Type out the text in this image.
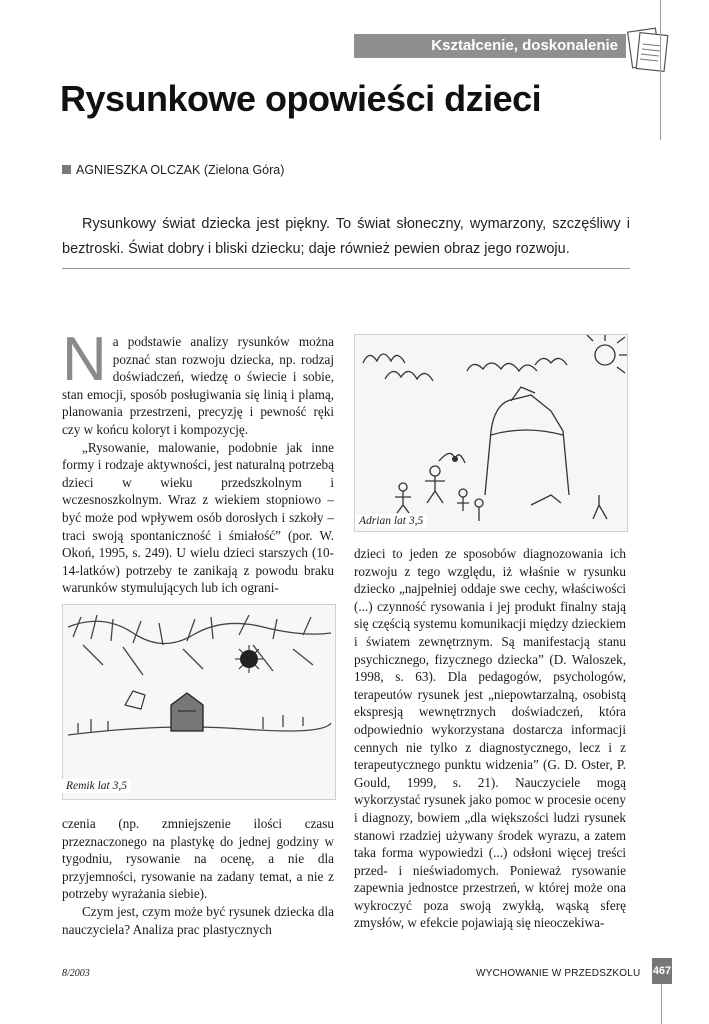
Kształcenie, doskonalenie
Rysunkowe opowieści dzieci
AGNIESZKA OLCZAK (Zielona Góra)
Rysunkowy świat dziecka jest piękny. To świat słoneczny, wymarzony, szczęśliwy i beztroski. Świat dobry i bliski dziecku; daje również pewien obraz jego rozwoju.

Na podstawie analizy rysunków można poznać stan rozwoju dziecka, np. rodzaj doświadczeń, wiedzę o świecie i sobie, stan emocji, sposób posługiwania się linią i plamą, planowania przestrzeni, precyzję i pewność ręki czy w końcu koloryt i kompozycję.

„Rysowanie, malowanie, podobnie jak inne formy i rodzaje aktywności, jest naturalną potrzebą dzieci w wieku przedszkolnym i wczesnoszkolnym. Wraz z wiekiem stopniowo – być może pod wpływem osób dorosłych i szkoły – traci swoją spontaniczność i śmiałość” (por. W. Okoń, 1995, s. 249). U wielu dzieci starszych (10-14-latków) potrzeby te zanikają z powodu braku warunków stymulujących lub ich ograni-

Remik lat 3,5

czenia (np. zmniejszenie ilości czasu przeznaczonego na plastykę do jednej godziny w tygodniu, rysowanie na ocenę, a nie dla przyjemności, rysowanie na zadany temat, a nie z potrzeby wyrażania siebie).

Czym jest, czym może być rysunek dziecka dla nauczyciela? Analiza prac plastycznych

Adrian lat 3,5

dzieci to jeden ze sposobów diagnozowania ich rozwoju z tego względu, iż właśnie w rysunku dziecko „najpełniej oddaje swe cechy, właściwości (...) czynność rysowania i jej produkt finalny stają się częścią systemu komunikacji między dzieckiem i światem zewnętrznym. Są manifestacją stanu psychicznego, fizycznego dziecka” (D. Waloszek, 1998, s. 63). Dla pedagogów, psychologów, terapeutów rysunek jest „niepowtarzalną, osobistą ekspresją wewnętrznych doświadczeń, która odpowiednio wykorzystana dostarcza informacji cennych nie tylko z diagnostycznego, lecz i z terapeutycznego punktu widzenia” (G. D. Oster, P. Gould, 1999, s. 21). Nauczyciele mogą wykorzystać rysunek jako pomoc w procesie oceny i diagnozy, bowiem „dla większości ludzi rysunek stanowi rzadziej używany środek wyrazu, a zatem taka forma wypowiedzi (...) odsłoni więcej treści przed- i nieświadomych. Ponieważ rysowanie zapewnia jednostce przestrzeń, w której może ona wykroczyć poza swoją zwykłą, wąską sferę zmysłów, w efekcie pojawiają się nieoczekiwa-

8/2003	WYCHOWANIE W PRZEDSZKOLU 467
